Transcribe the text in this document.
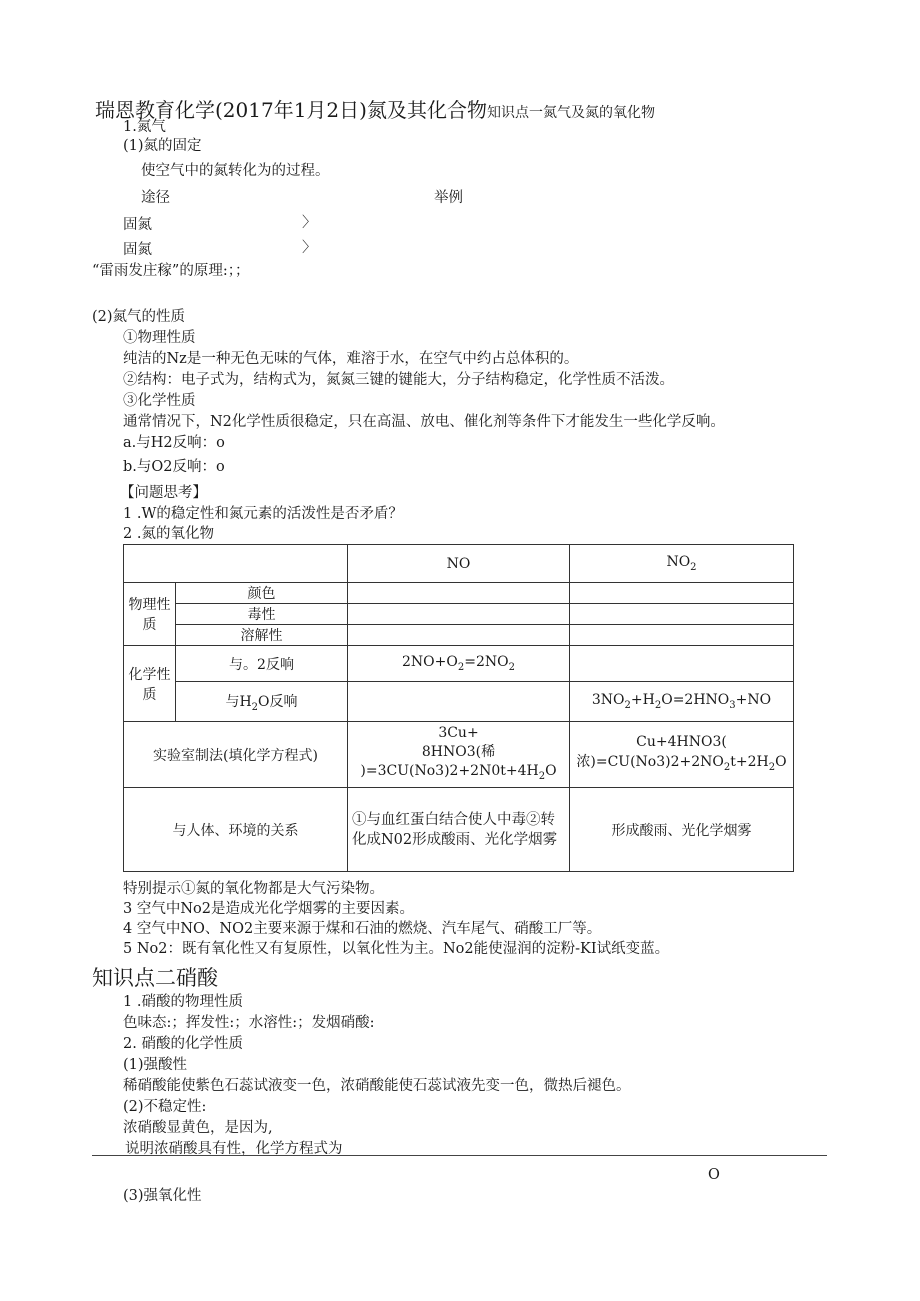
瑞恩教育化学(2017年1月2日)氮及其化合物知识点一氮气及氮的氧化物
1.氮气
(1)氮的固定
使空气中的氮转化为的过程。
途径	举例
固氮	〉
固氮	〉
“雷雨发庄稼”的原理:；；
(2)氮气的性质
①物理性质
纯洁的Nz是一种无色无味的气体，难溶于水，在空气中约占总体积的。
②结构：电子式为，结构式为，氮氮三键的键能大，分子结构稳定，化学性质不活泼。
③化学性质
通常情况下，N2化学性质很稳定，只在高温、放电、催化剂等条件下才能发生一些化学反响。
a.与H2反响：o
b.与O2反响：o
【问题思考】
1 .W的稳定性和氮元素的活泼性是否矛盾？
2 .氮的氧化物
		NO	$NO_2$
物理性质	颜色		
	毒性		
	溶解性		
化学性质	与。2反响	$2NO+O_2=2NO_2$	
	与$H_2O$反响		$3NO_2+H_2O=2HNO_3+NO$
实验室制法(填化学方程式)		3Cu+
8HNO3(稀
)$=3CU(No3)2+2N0t+4H_2O$	Cu+4HNO3(
浓)$=CU(No3)2+2NO_2t+2H_2O$
与人体、环境的关系		①与血红蛋白结合使人中毒②转化成N02形成酸雨、光化学烟雾	形成酸雨、光化学烟雾
特别提示①氮的氧化物都是大气污染物。
3 空气中No2是造成光化学烟雾的主要因素。
4 空气中NO、NO2主要来源于煤和石油的燃烧、汽车尾气、硝酸工厂等。
5 No2：既有氧化性又有复原性，以氧化性为主。No2能使湿润的淀粉-KI试纸变蓝。
知识点二硝酸
1 .硝酸的物理性质
色味态:；挥发性:；水溶性:；发烟硝酸:
2. 硝酸的化学性质
(1)强酸性
稀硝酸能使紫色石蕊试液变一色，浓硝酸能使石蕊试液先变一色，微热后褪色。
(2)不稳定性:
浓硝酸显黄色，是因为,
说明浓硝酸具有性，化学方程式为
O
(3)强氧化性
